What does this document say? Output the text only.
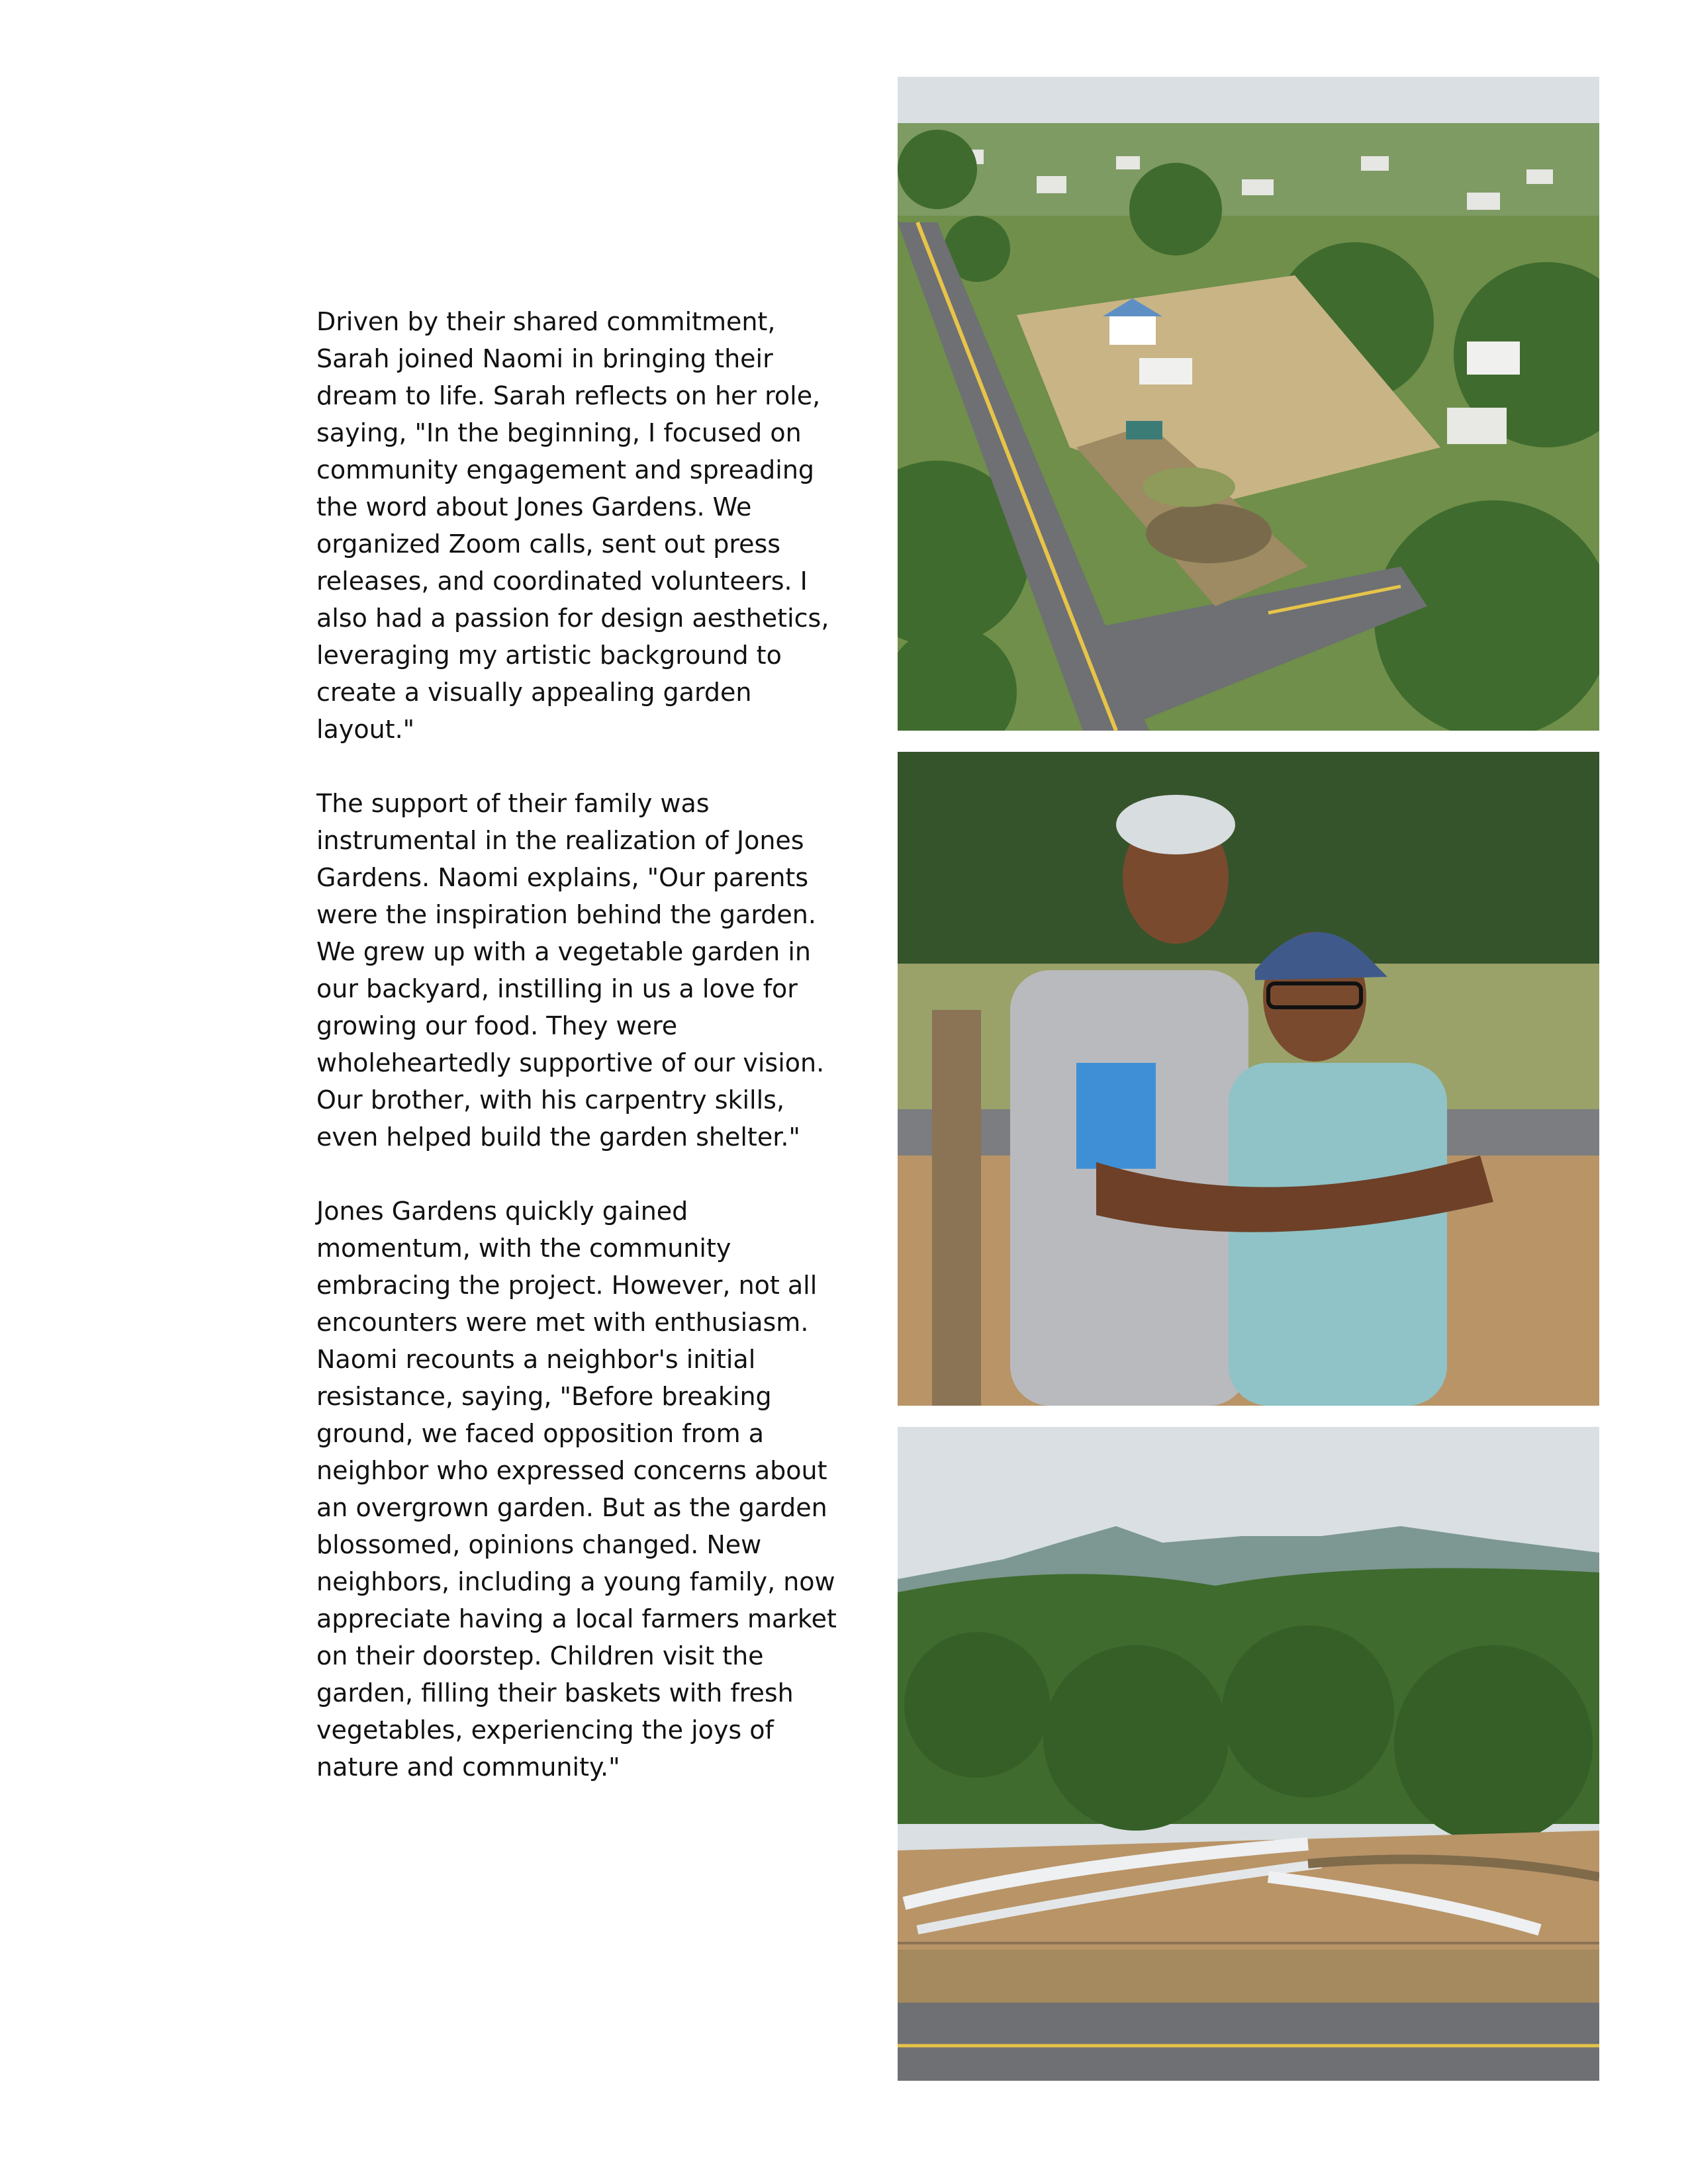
Driven by their shared commitment, Sarah joined Naomi in bringing their dream to life. Sarah reflects on her role, saying, "In the beginning, I focused on community engagement and spreading the word about Jones Gardens. We organized Zoom calls, sent out press releases, and coordinated volunteers. I also had a passion for design aesthetics, leveraging my artistic background to create a visually appealing garden layout."

The support of their family was instrumental in the realization of Jones Gardens. Naomi explains, "Our parents were the inspiration behind the garden. We grew up with a vegetable garden in our backyard, instilling in us a love for growing our food. They were wholeheartedly supportive of our vision. Our brother, with his carpentry skills, even helped build the garden shelter."

Jones Gardens quickly gained momentum, with the community embracing the project. However, not all encounters were met with enthusiasm. Naomi recounts a neighbor's initial resistance, saying, "Before breaking ground, we faced opposition from a neighbor who expressed concerns about an overgrown garden. But as the garden blossomed, opinions changed. New neighbors, including a young family, now appreciate having a local farmers market on their doorstep. Children visit the garden, filling their baskets with fresh vegetables, experiencing the joys of nature and community."
